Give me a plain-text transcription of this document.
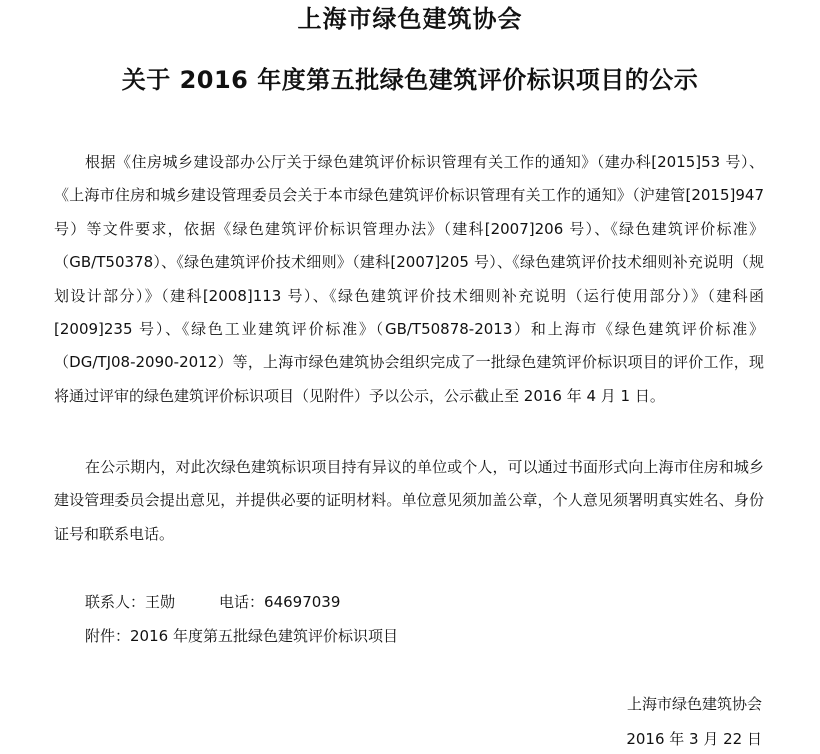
上海市绿色建筑协会
关于 2016 年度第五批绿色建筑评价标识项目的公示

根据《住房城乡建设部办公厅关于绿色建筑评价标识管理有关工作的通知》（建办科[2015]53 号）、《上海市住房和城乡建设管理委员会关于本市绿色建筑评价标识管理有关工作的通知》（沪建管[2015]947 号）等文件要求，依据《绿色建筑评价标识管理办法》（建科[2007]206 号）、《绿色建筑评价标准》（GB/T50378）、《绿色建筑评价技术细则》（建科[2007]205 号）、《绿色建筑评价技术细则补充说明（规划设计部分）》（建科[2008]113 号）、《绿色建筑评价技术细则补充说明（运行使用部分）》（建科函[2009]235 号）、《绿色工业建筑评价标准》（GB/T50878-2013）和上海市《绿色建筑评价标准》（DG/TJ08-2090-2012）等，上海市绿色建筑协会组织完成了一批绿色建筑评价标识项目的评价工作，现将通过评审的绿色建筑评价标识项目（见附件）予以公示，公示截止至 2016 年 4 月 1 日。

在公示期内，对此次绿色建筑标识项目持有异议的单位或个人，可以通过书面形式向上海市住房和城乡建设管理委员会提出意见，并提供必要的证明材料。单位意见须加盖公章，个人意见须署明真实姓名、身份证号和联系电话。

联系人：王勋	电话：64697039
附件：2016 年度第五批绿色建筑评价标识项目
上海市绿色建筑协会
2016 年 3 月 22 日
